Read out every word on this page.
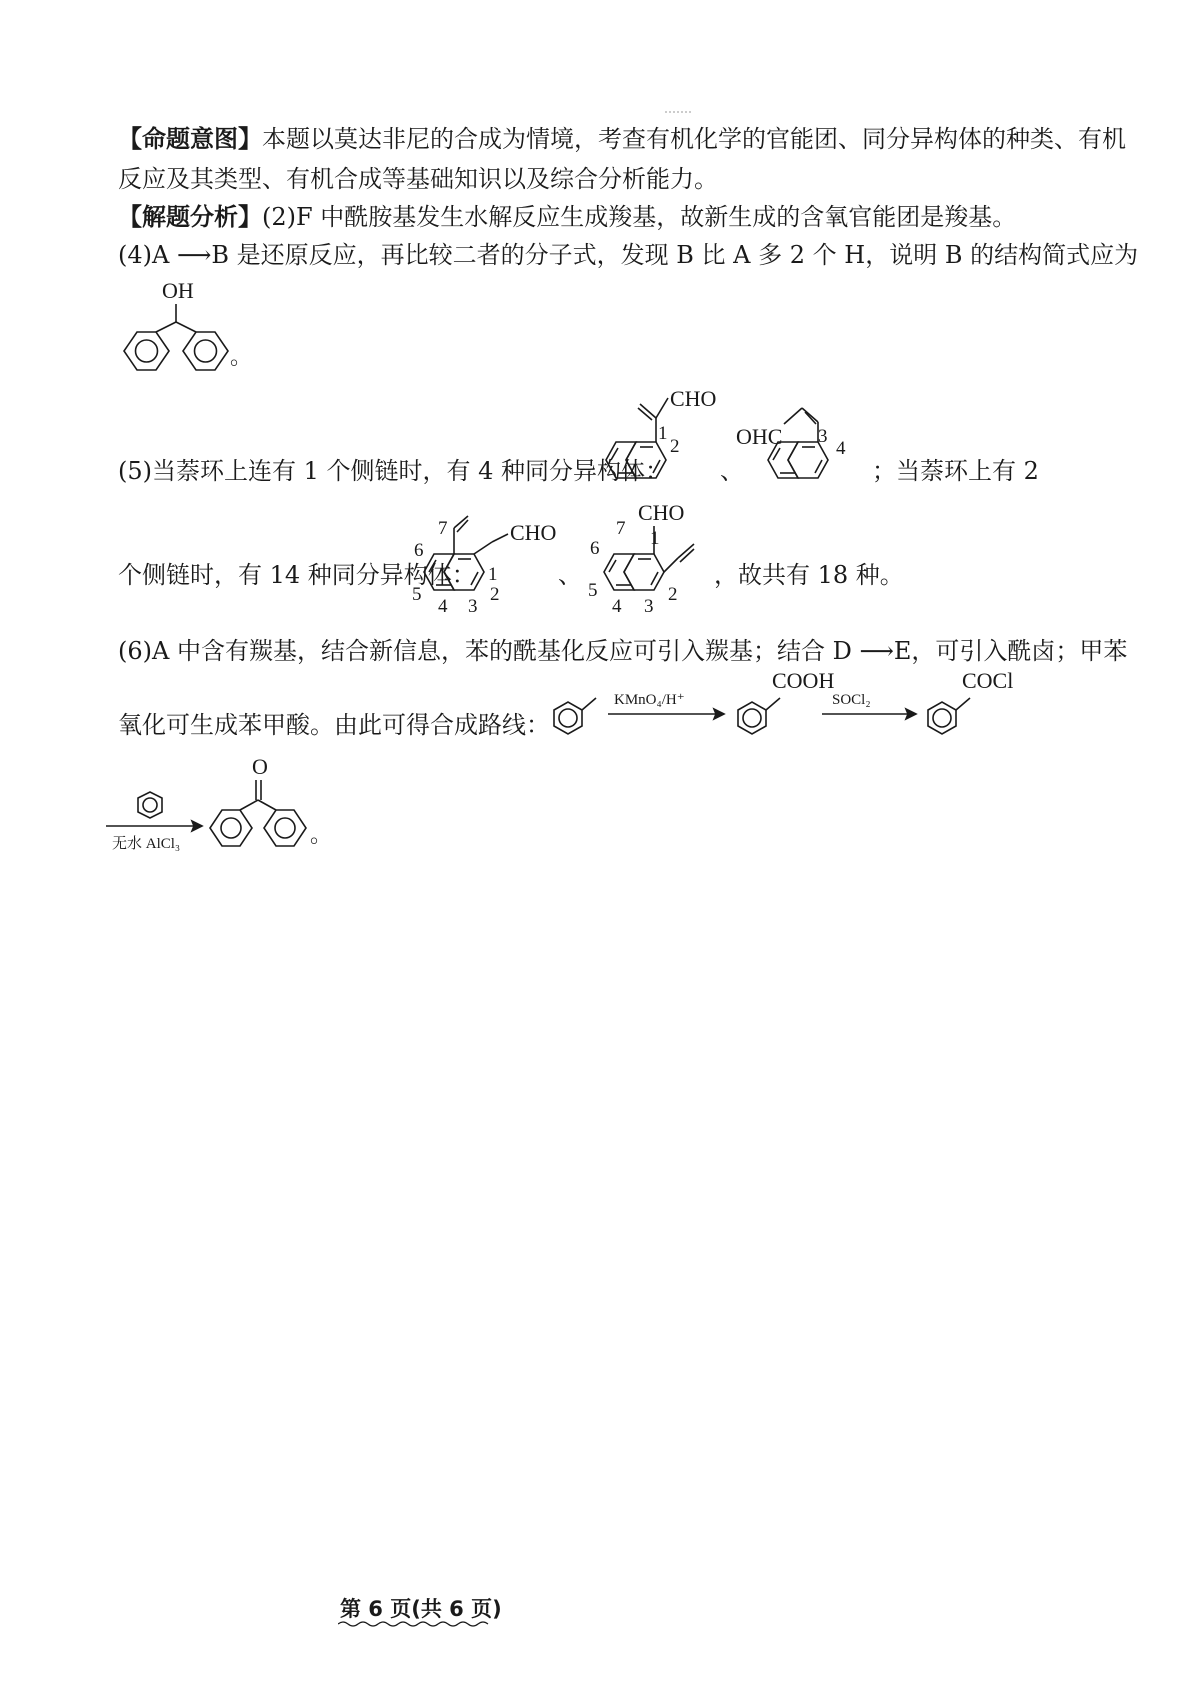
【命题意图】本题以莫达非尼的合成为情境，考查有机化学的官能团、同分异构体的种类、有机
反应及其类型、有机合成等基础知识以及综合分析能力。
【解题分析】(2)F 中酰胺基发生水解反应生成羧基，故新生成的含氧官能团是羧基。
(4)A ⟶B 是还原反应，再比较二者的分子式，发现 B 比 A 多 2 个 H，说明 B 的结构简式应为
OH
。
(5)当萘环上连有 1 个侧链时，有 4 种同分异构体：
CHO
1
2
、
OHC 3
4
；当萘环上有 2
个侧链时，有 14 种同分异构体：
CHO
6
7
1
2
3
4
5
、
CHO
1
2
3
4
5
6
7
，故共有 18 种。
(6)A 中含有羰基，结合新信息，苯的酰基化反应可引入羰基；结合 D ⟶E，可引入酰卤；甲苯
氧化可生成苯甲酸。由此可得合成路线：
KMnO₄/H⁺
COOH
SOCl₂
COCl
无水 AlCl₃
O
。
第 6 页(共 6 页)
